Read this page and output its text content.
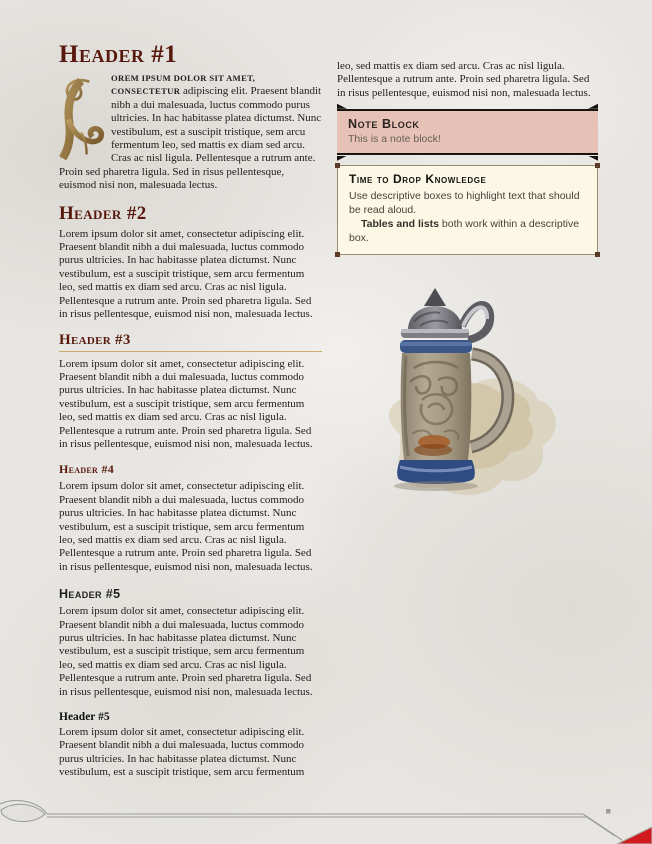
Header #1

OREM IPSUM DOLOR SIT AMET, CONSECTETUR adipiscing elit. Praesent blandit nibh a dui malesuada, luctus commodo purus ultricies. In hac habitasse platea dictumst. Nunc vestibulum, est a suscipit tristique, sem arcu fermentum leo, sed mattis ex diam sed arcu. Cras ac nisl ligula. Pellentesque a rutrum ante. Proin sed pharetra ligula. Sed in risus pellentesque, euismod nisi non, malesuada lectus.

Header #2

Lorem ipsum dolor sit amet, consectetur adipiscing elit. Praesent blandit nibh a dui malesuada, luctus commodo purus ultricies. In hac habitasse platea dictumst. Nunc vestibulum, est a suscipit tristique, sem arcu fermentum leo, sed mattis ex diam sed arcu. Cras ac nisl ligula. Pellentesque a rutrum ante. Proin sed pharetra ligula. Sed in risus pellentesque, euismod nisi non, malesuada lectus.

Header #3

Lorem ipsum dolor sit amet, consectetur adipiscing elit. Praesent blandit nibh a dui malesuada, luctus commodo purus ultricies. In hac habitasse platea dictumst. Nunc vestibulum, est a suscipit tristique, sem arcu fermentum leo, sed mattis ex diam sed arcu. Cras ac nisl ligula. Pellentesque a rutrum ante. Proin sed pharetra ligula. Sed in risus pellentesque, euismod nisi non, malesuada lectus.

Header #4

Lorem ipsum dolor sit amet, consectetur adipiscing elit. Praesent blandit nibh a dui malesuada, luctus commodo purus ultricies. In hac habitasse platea dictumst. Nunc vestibulum, est a suscipit tristique, sem arcu fermentum leo, sed mattis ex diam sed arcu. Cras ac nisl ligula. Pellentesque a rutrum ante. Proin sed pharetra ligula. Sed in risus pellentesque, euismod nisi non, malesuada lectus.

Header #5

Lorem ipsum dolor sit amet, consectetur adipiscing elit. Praesent blandit nibh a dui malesuada, luctus commodo purus ultricies. In hac habitasse platea dictumst. Nunc vestibulum, est a suscipit tristique, sem arcu fermentum leo, sed mattis ex diam sed arcu. Cras ac nisl ligula. Pellentesque a rutrum ante. Proin sed pharetra ligula. Sed in risus pellentesque, euismod nisi non, malesuada lectus.

Header #5

Lorem ipsum dolor sit amet, consectetur adipiscing elit. Praesent blandit nibh a dui malesuada, luctus commodo purus ultricies. In hac habitasse platea dictumst. Nunc vestibulum, est a suscipit tristique, sem arcu fermentum

leo, sed mattis ex diam sed arcu. Cras ac nisl ligula. Pellentesque a rutrum ante. Proin sed pharetra ligula. Sed in risus pellentesque, euismod nisi non, malesuada lectus.

Note Block
This is a note block!
Time to Drop Knowledge

Use descriptive boxes to highlight text that should be read aloud.

Tables and lists both work within a descriptive box.
